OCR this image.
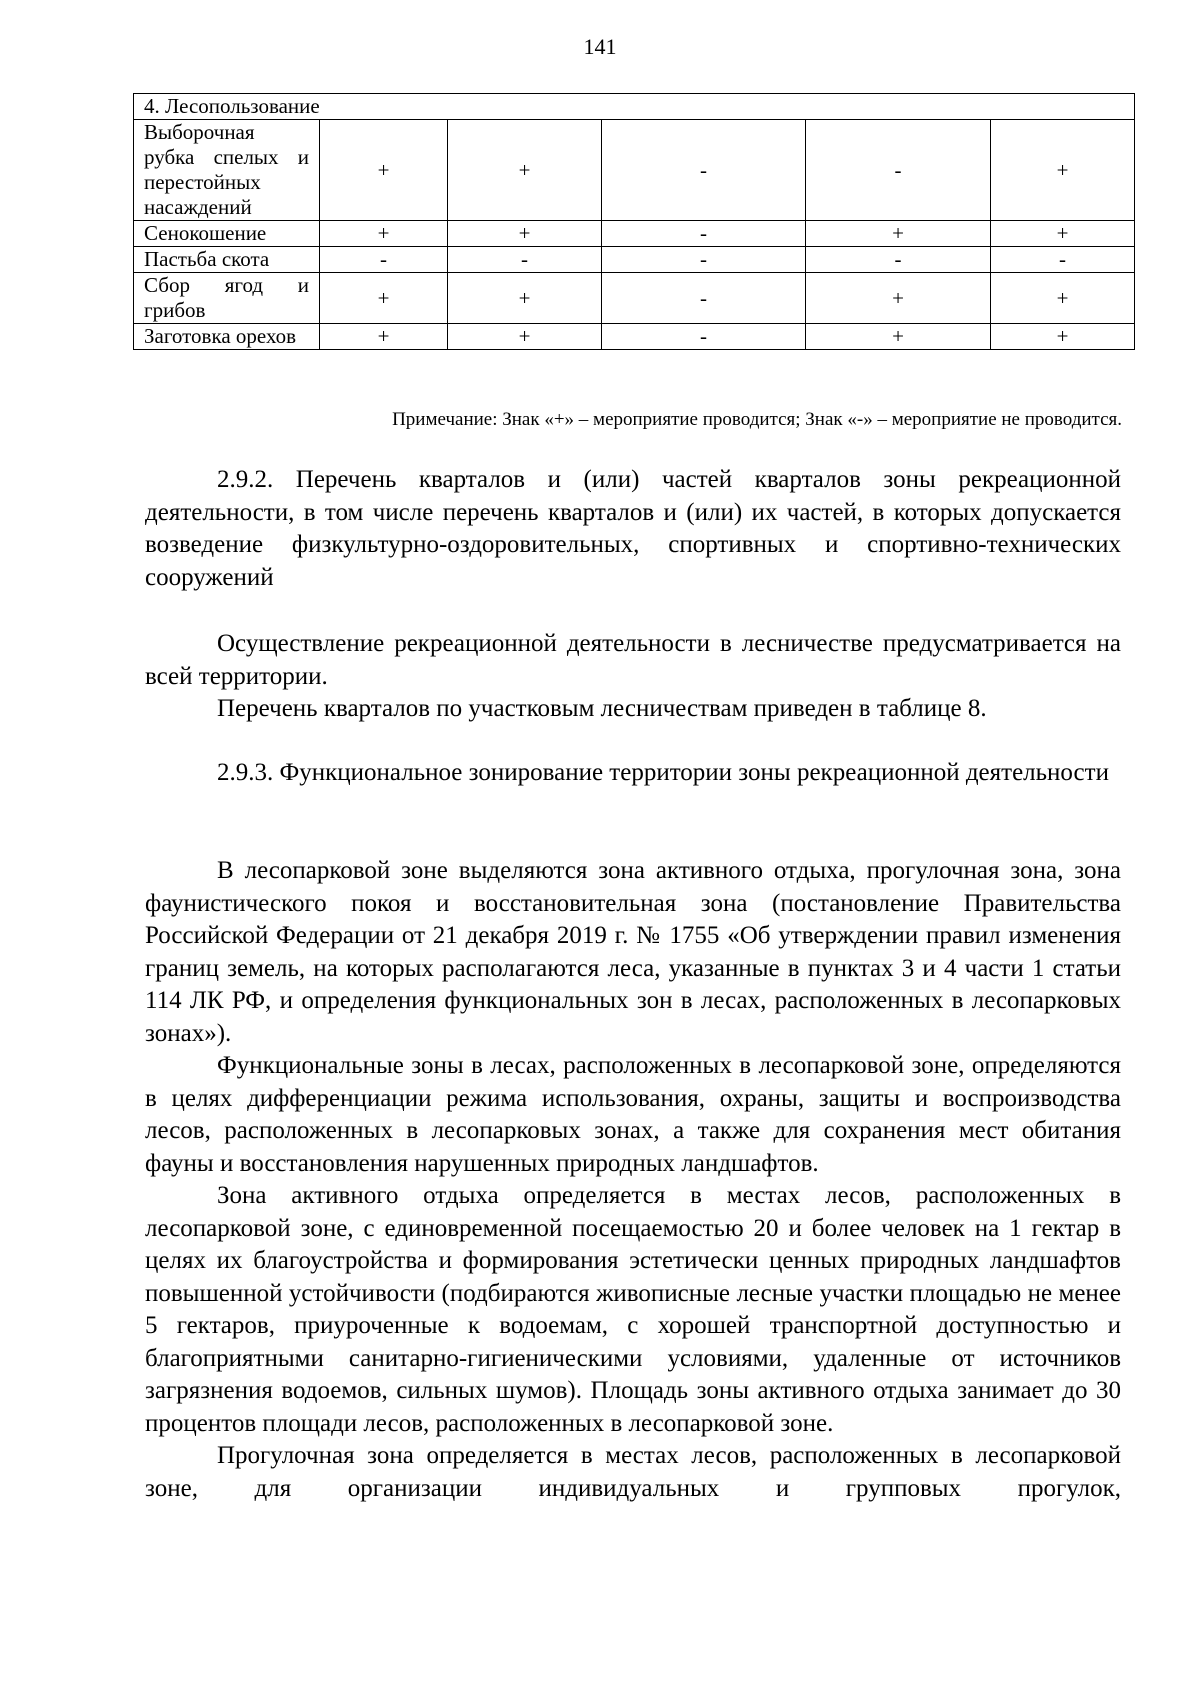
141
4. Лесопользование					
Выборочная рубка спелых и перестойных насаждений	+	+	-	-	+
Сенокошение	+	+	-	+	+
Пастьба скота	-	-	-	-	-
Сбор ягод и грибов	+	+	-	+	+
Заготовка орехов	+	+	-	+	+
Примечание: Знак «+» – мероприятие проводится; Знак «-» – мероприятие не проводится.

2.9.2. Перечень кварталов и (или) частей кварталов зоны рекреационной деятельности, в том числе перечень кварталов и (или) их частей, в которых допускается возведение физкультурно-оздоровительных, спортивных и спортивно-технических сооружений

Осуществление рекреационной деятельности в лесничестве предусматривается на всей территории.

Перечень кварталов по участковым лесничествам приведен в таблице 8.

2.9.3. Функциональное зонирование территории зоны рекреационной деятельности

В лесопарковой зоне выделяются зона активного отдыха, прогулочная зона, зона фаунистического покоя и восстановительная зона (постановление Правительства Российской Федерации от 21 декабря 2019 г. № 1755 «Об утверждении правил изменения границ земель, на которых располагаются леса, указанные в пунктах 3 и 4 части 1 статьи 114 ЛК РФ, и определения функциональных зон в лесах, расположенных в лесопарковых зонах»).

Функциональные зоны в лесах, расположенных в лесопарковой зоне, определяются в целях дифференциации режима использования, охраны, защиты и воспроизводства лесов, расположенных в лесопарковых зонах, а также для сохранения мест обитания фауны и восстановления нарушенных природных ландшафтов.

Зона активного отдыха определяется в местах лесов, расположенных в лесопарковой зоне, с единовременной посещаемостью 20 и более человек на 1 гектар в целях их благоустройства и формирования эстетически ценных природных ландшафтов повышенной устойчивости (подбираются живописные лесные участки площадью не менее 5 гектаров, приуроченные к водоемам, с хорошей транспортной доступностью и благоприятными санитарно-гигиеническими условиями, удаленные от источников загрязнения водоемов, сильных шумов). Площадь зоны активного отдыха занимает до 30 процентов площади лесов, расположенных в лесопарковой зоне.

Прогулочная зона определяется в местах лесов, расположенных в лесопарковой зоне, для организации индивидуальных и групповых прогулок,
